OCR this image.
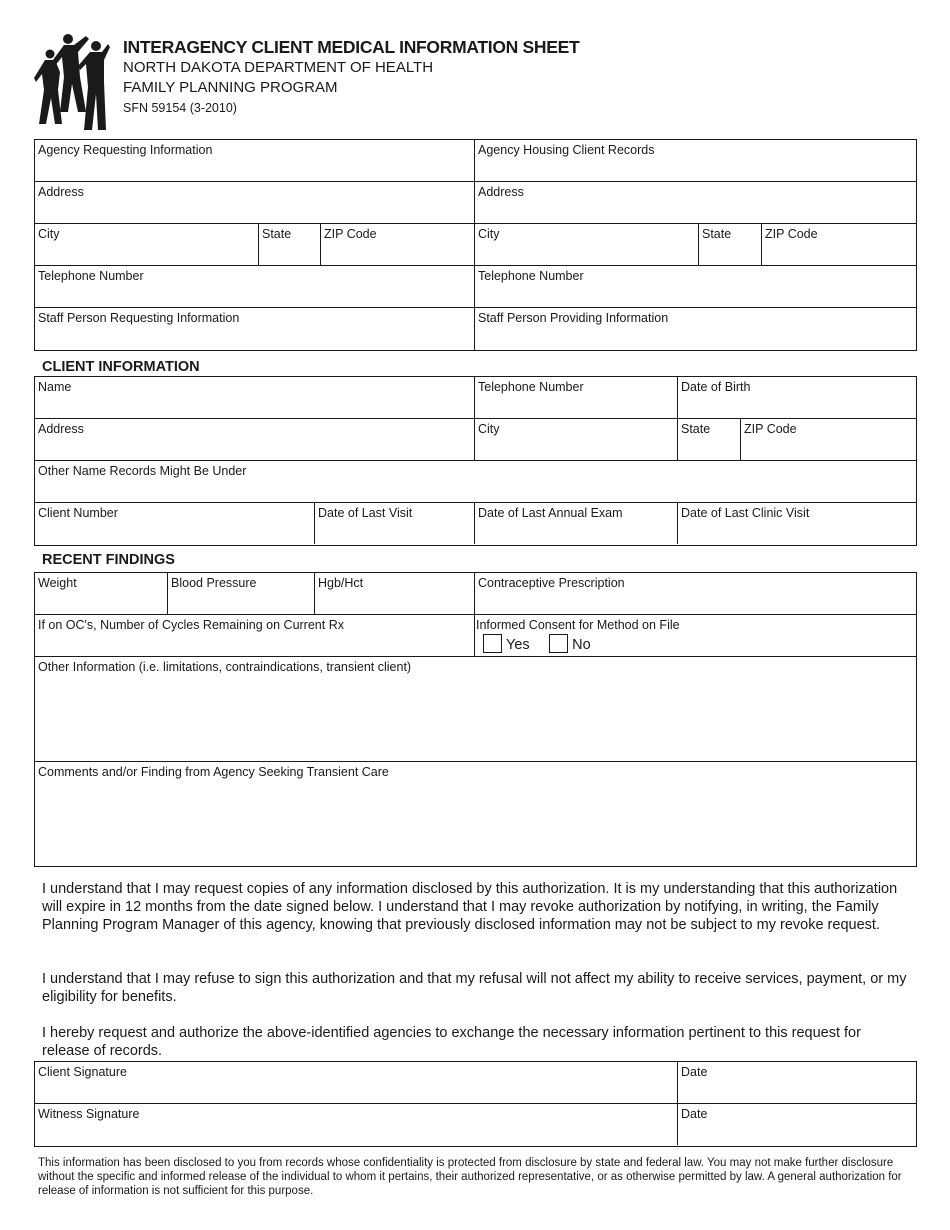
INTERAGENCY CLIENT MEDICAL INFORMATION SHEET
NORTH DAKOTA DEPARTMENT OF HEALTH
FAMILY PLANNING PROGRAM
SFN 59154 (3-2010)
Agency Requesting Information	Agency Housing Client Records
Address	Address
City	State	ZIP Code	City	State	ZIP Code
Telephone Number	Telephone Number
Staff Person Requesting Information	Staff Person Providing Information
CLIENT INFORMATION
Name	Telephone Number	Date of Birth
Address	City	State	ZIP Code
Other Name Records Might Be Under
Client Number	Date of Last Visit	Date of Last Annual Exam	Date of Last Clinic Visit
RECENT FINDINGS
Weight	Blood Pressure	Hgb/Hct	Contraceptive Prescription
If on OC's, Number of Cycles Remaining on Current Rx	Informed Consent for Method on File
Yes	No
Other Information (i.e. limitations, contraindications, transient client)
Comments and/or Finding from Agency Seeking Transient Care
I understand that I may request copies of any information disclosed by this authorization. It is my understanding that this authorization will expire in 12 months from the date signed below. I understand that I may revoke authorization by notifying, in writing, the Family Planning Program Manager of this agency, knowing that previously disclosed information may not be subject to my revoke request.
I understand that I may refuse to sign this authorization and that my refusal will not affect my ability to receive services, payment, or my eligibility for benefits.
I hereby request and authorize the above-identified agencies to exchange the necessary information pertinent to this request for release of records.
Client Signature	Date
Witness Signature	Date
This information has been disclosed to you from records whose confidentiality is protected from disclosure by state and federal law. You may not make further disclosure without the specific and informed release of the individual to whom it pertains, their authorized representative, or as otherwise permitted by law. A general authorization for release of information is not sufficient for this purpose.
